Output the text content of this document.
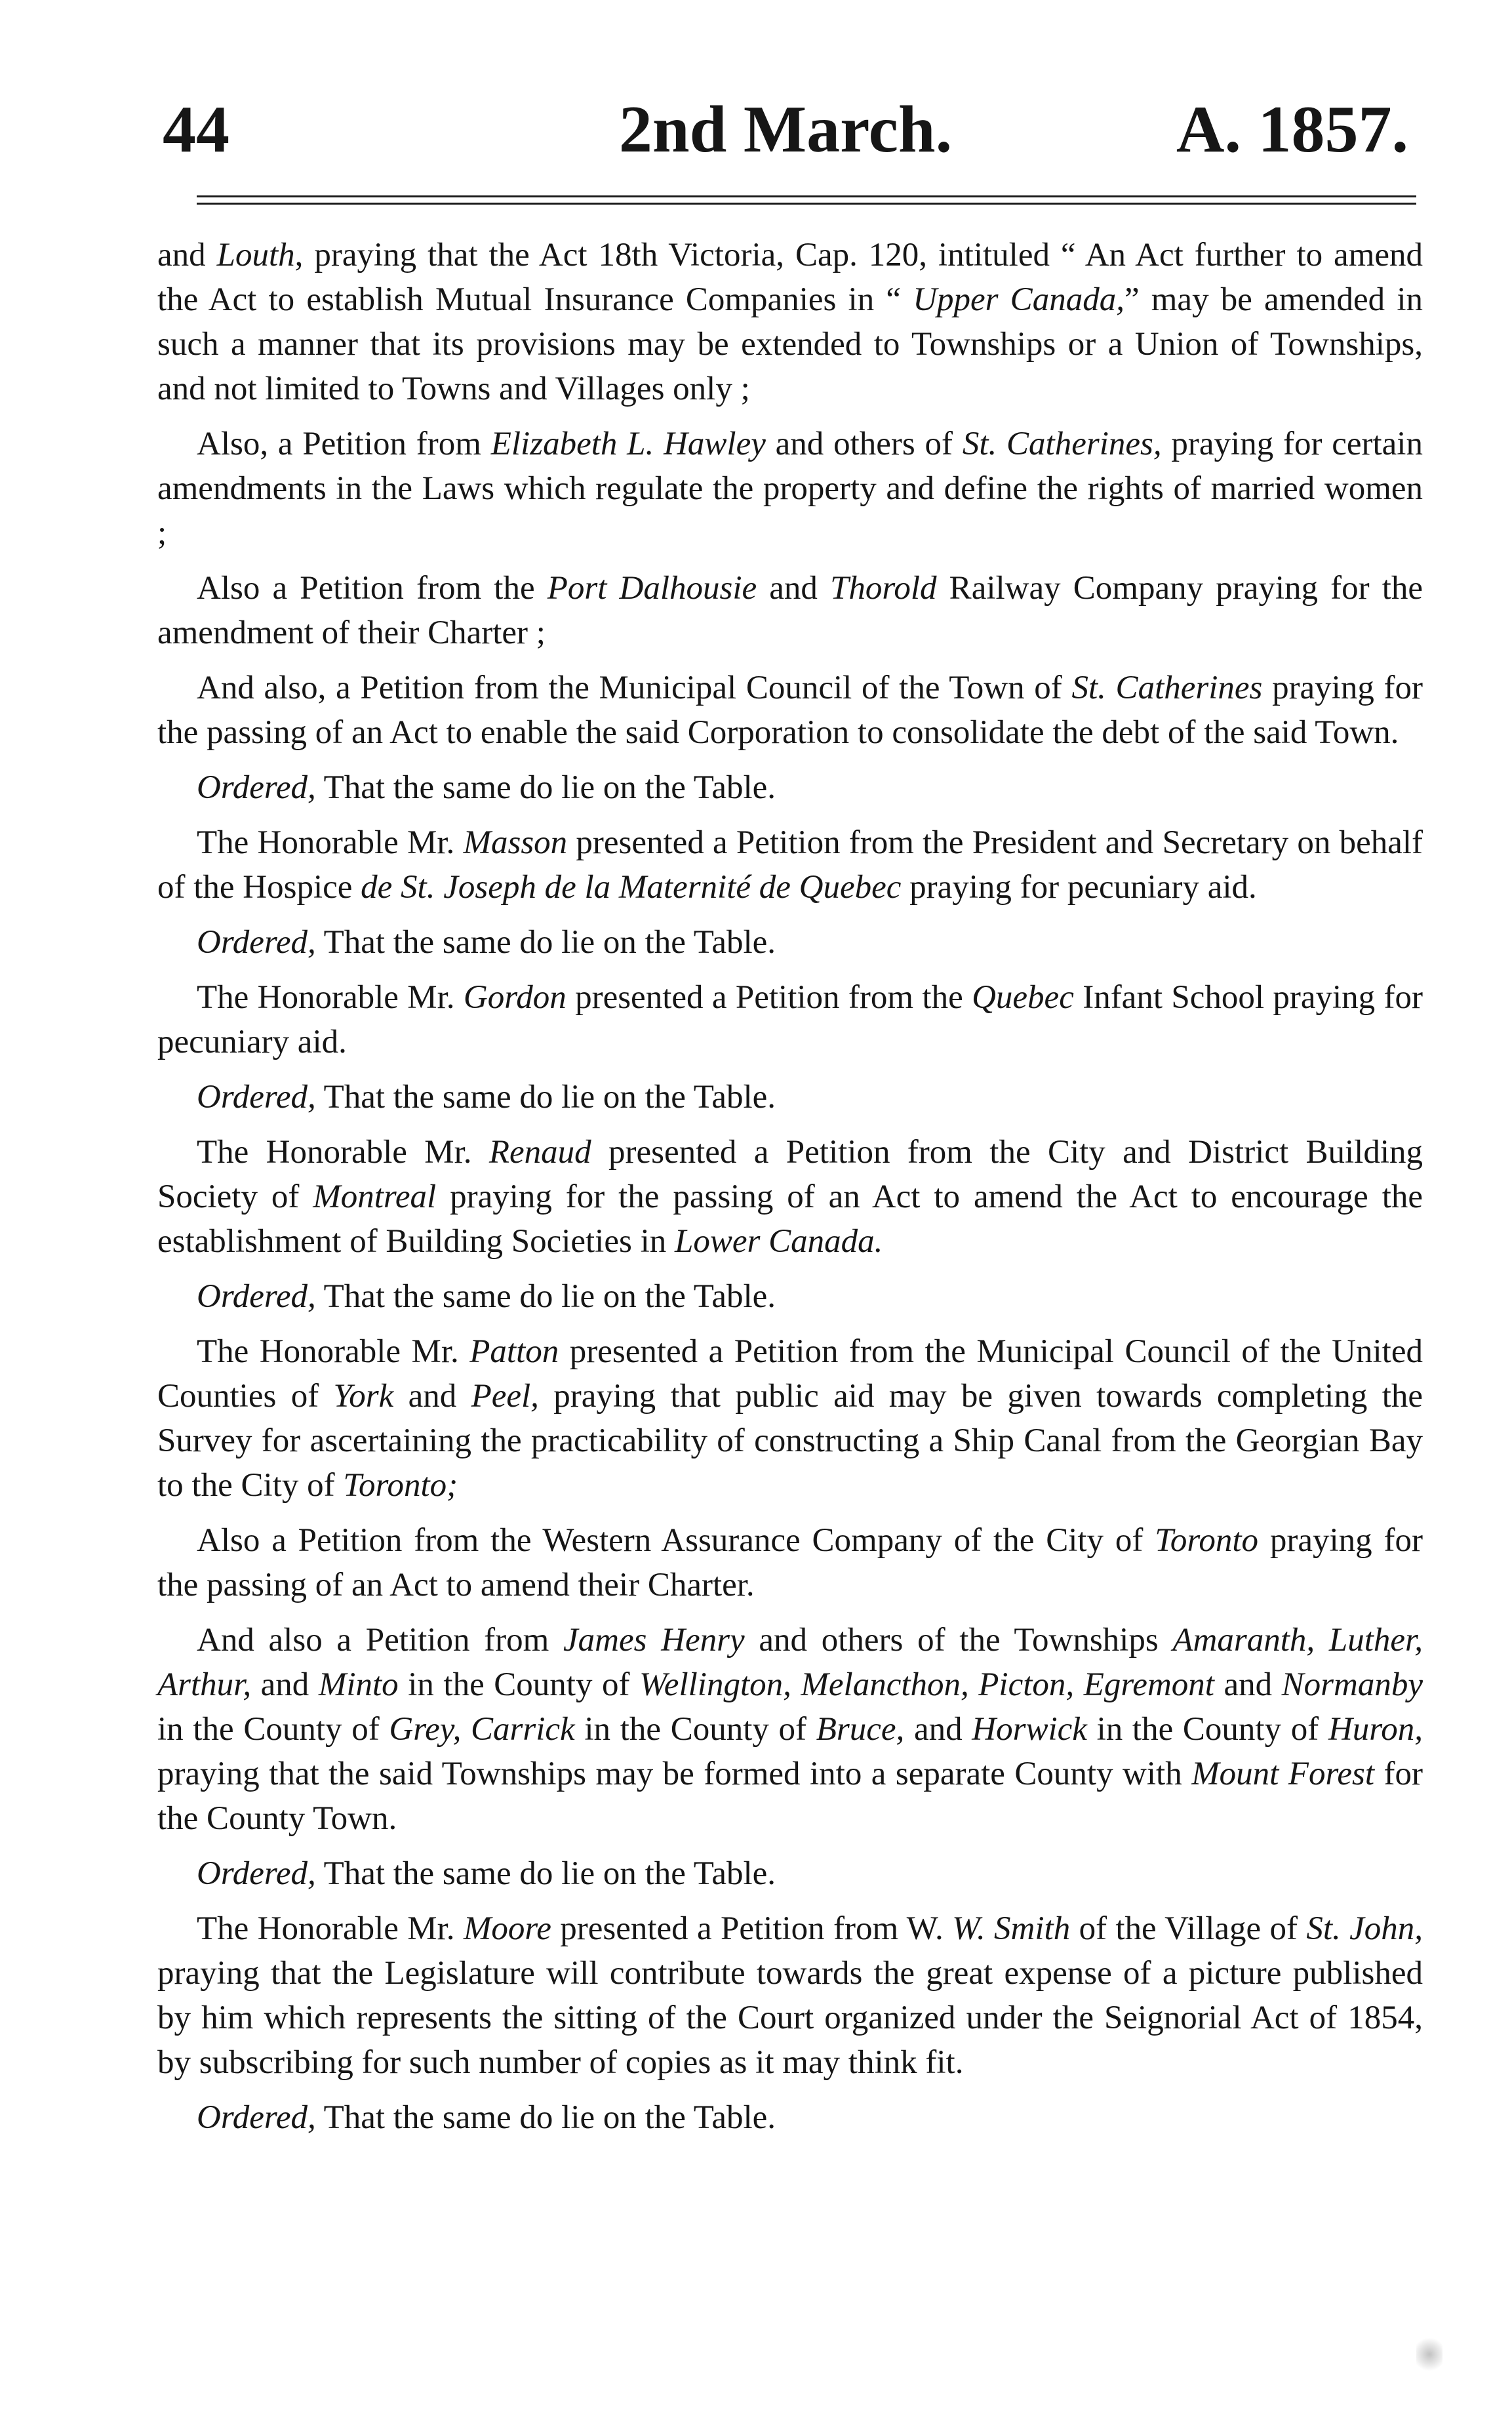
44	2nd March.	A. 1857.

and Louth, praying that the Act 18th Victoria, Cap. 120, intituled “ An Act further to amend the Act to establish Mutual Insurance Companies in “ Upper Canada,” may be amended in such a manner that its provisions may be extended to Townships or a Union of Townships, and not limited to Towns and Villages only ;

Also, a Petition from Elizabeth L. Hawley and others of St. Catherines, praying for certain amendments in the Laws which regulate the property and define the rights of married women ;

Also a Petition from the Port Dalhousie and Thorold Railway Company praying for the amendment of their Charter ;

And also, a Petition from the Municipal Council of the Town of St. Catherines praying for the passing of an Act to enable the said Corporation to consolidate the debt of the said Town.

Ordered, That the same do lie on the Table.

The Honorable Mr. Masson presented a Petition from the President and Secretary on behalf of the Hospice de St. Joseph de la Maternité de Quebec praying for pecuniary aid.

Ordered, That the same do lie on the Table.

The Honorable Mr. Gordon presented a Petition from the Quebec Infant School praying for pecuniary aid.

Ordered, That the same do lie on the Table.

The Honorable Mr. Renaud presented a Petition from the City and District Building Society of Montreal praying for the passing of an Act to amend the Act to encourage the establishment of Building Societies in Lower Canada.

Ordered, That the same do lie on the Table.

The Honorable Mr. Patton presented a Petition from the Municipal Council of the United Counties of York and Peel, praying that public aid may be given towards completing the Survey for ascertaining the practicability of constructing a Ship Canal from the Georgian Bay to the City of Toronto;

Also a Petition from the Western Assurance Company of the City of Toronto praying for the passing of an Act to amend their Charter.

And also a Petition from James Henry and others of the Townships Amaranth, Luther, Arthur, and Minto in the County of Wellington, Melancthon, Picton, Egremont and Normanby in the County of Grey, Carrick in the County of Bruce, and Horwick in the County of Huron, praying that the said Townships may be formed into a separate County with Mount Forest for the County Town.

Ordered, That the same do lie on the Table.

The Honorable Mr. Moore presented a Petition from W. W. Smith of the Village of St. John, praying that the Legislature will contribute towards the great expense of a picture published by him which represents the sitting of the Court organized under the Seignorial Act of 1854, by subscribing for such number of copies as it may think fit.

Ordered, That the same do lie on the Table.
